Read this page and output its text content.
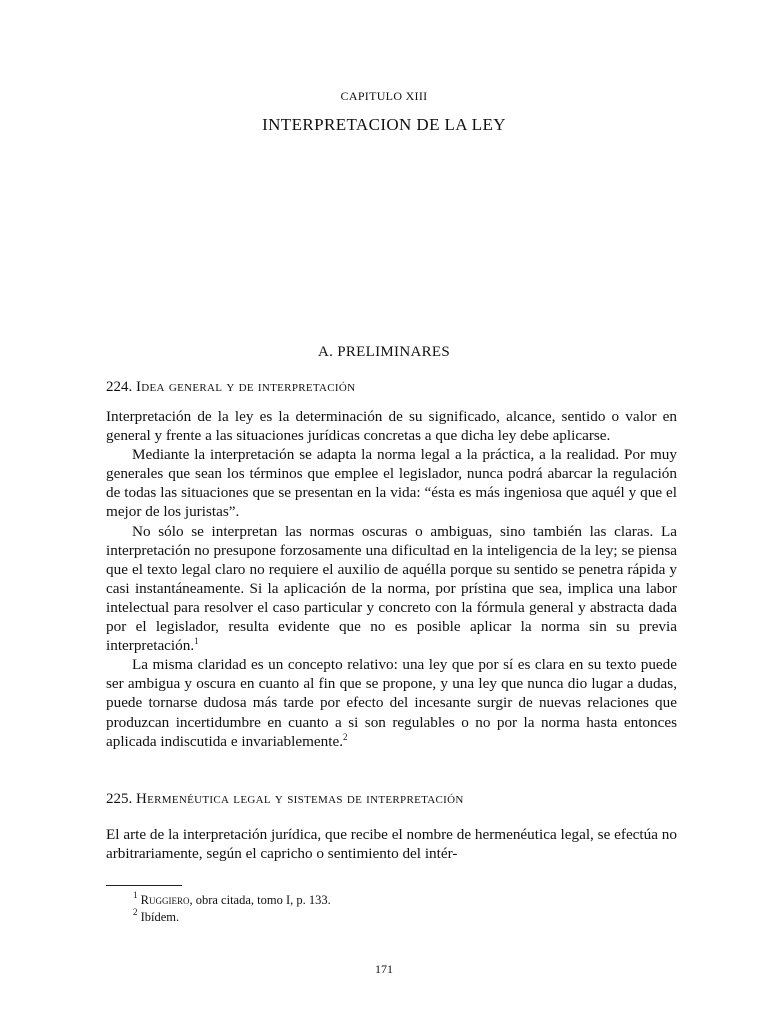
CAPITULO XIII
INTERPRETACION DE LA LEY
A. PRELIMINARES
224. Idea general y de interpretación

Interpretación de la ley es la determinación de su significado, alcance, sentido o valor en general y frente a las situaciones jurídicas concretas a que dicha ley debe aplicarse.

Mediante la interpretación se adapta la norma legal a la práctica, a la realidad. Por muy generales que sean los términos que emplee el legislador, nunca podrá abarcar la regulación de todas las situaciones que se presentan en la vida: “ésta es más ingeniosa que aquél y que el mejor de los juristas”.

No sólo se interpretan las normas oscuras o ambiguas, sino también las claras. La interpretación no presupone forzosamente una dificultad en la inteligencia de la ley; se piensa que el texto legal claro no requiere el auxilio de aquélla porque su sentido se penetra rápida y casi instantáneamente. Si la aplicación de la norma, por prístina que sea, implica una labor intelectual para resolver el caso particular y concreto con la fórmula general y abstracta dada por el legislador, resulta evidente que no es posible aplicar la norma sin su previa interpretación.$^1$

La misma claridad es un concepto relativo: una ley que por sí es clara en su texto puede ser ambigua y oscura en cuanto al fin que se propone, y una ley que nunca dio lugar a dudas, puede tornarse dudosa más tarde por efecto del incesante surgir de nuevas relaciones que produzcan incertidumbre en cuanto a si son regulables o no por la norma hasta entonces aplicada indiscutida e invariablemente.$^2$

225. Hermenéutica legal y sistemas de interpretación

El arte de la interpretación jurídica, que recibe el nombre de hermenéutica legal, se efectúa no arbitrariamente, según el capricho o sentimiento del intér-

$^1$ Ruggiero, obra citada, tomo I, p. 133.
$^2$ Ibídem.
171
